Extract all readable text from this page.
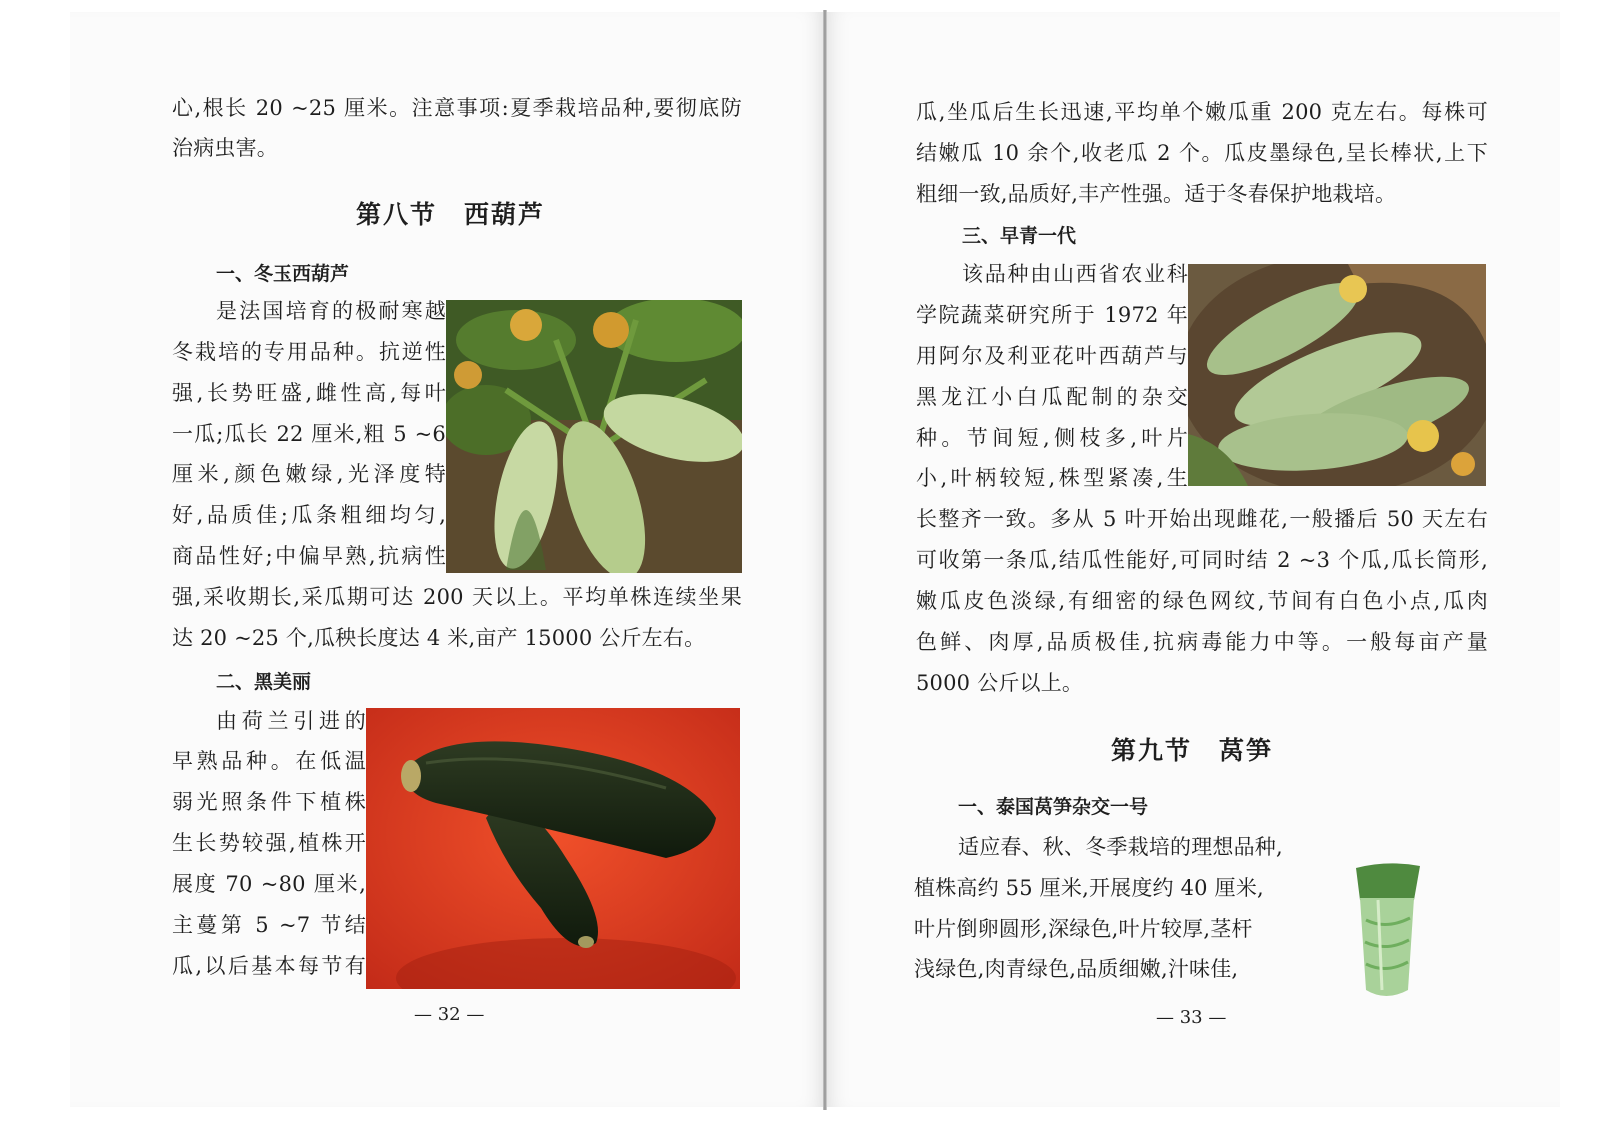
心,根长 20 ~25 厘米。注意事项:夏季栽培品种,要彻底防
治病虫害。
第八节　西葫芦
一、冬玉西葫芦
是法国培育的极耐寒越
冬栽培的专用品种。抗逆性
强,长势旺盛,雌性高,每叶
一瓜;瓜长 22 厘米,粗 5 ~6
厘米,颜色嫩绿,光泽度特
好,品质佳;瓜条粗细均匀,
商品性好;中偏早熟,抗病性
强,采收期长,采瓜期可达 200 天以上。平均单株连续坐果
达 20 ~25 个,瓜秧长度达 4 米,亩产 15000 公斤左右。
二、黑美丽
由荷兰引进的
早熟品种。在低温
弱光照条件下植株
生长势较强,植株开
展度 70 ~80 厘米,
主蔓第 5 ~7 节结
瓜,以后基本每节有
— 32 —
瓜,坐瓜后生长迅速,平均单个嫩瓜重 200 克左右。每株可
结嫩瓜 10 余个,收老瓜 2 个。瓜皮墨绿色,呈长棒状,上下
粗细一致,品质好,丰产性强。适于冬春保护地栽培。
三、早青一代
该品种由山西省农业科
学院蔬菜研究所于 1972 年
用阿尔及利亚花叶西葫芦与
黑龙江小白瓜配制的杂交
种。节间短,侧枝多,叶片
小,叶柄较短,株型紧凑,生
长整齐一致。多从 5 叶开始出现雌花,一般播后 50 天左右
可收第一条瓜,结瓜性能好,可同时结 2 ~3 个瓜,瓜长筒形,
嫩瓜皮色淡绿,有细密的绿色网纹,节间有白色小点,瓜肉
色鲜、肉厚,品质极佳,抗病毒能力中等。一般每亩产量
5000 公斤以上。
第九节　莴笋
一、泰国莴笋杂交一号
适应春、秋、冬季栽培的理想品种,
植株高约 55 厘米,开展度约 40 厘米,
叶片倒卵圆形,深绿色,叶片较厚,茎杆
浅绿色,肉青绿色,品质细嫩,汁味佳,
— 33 —
